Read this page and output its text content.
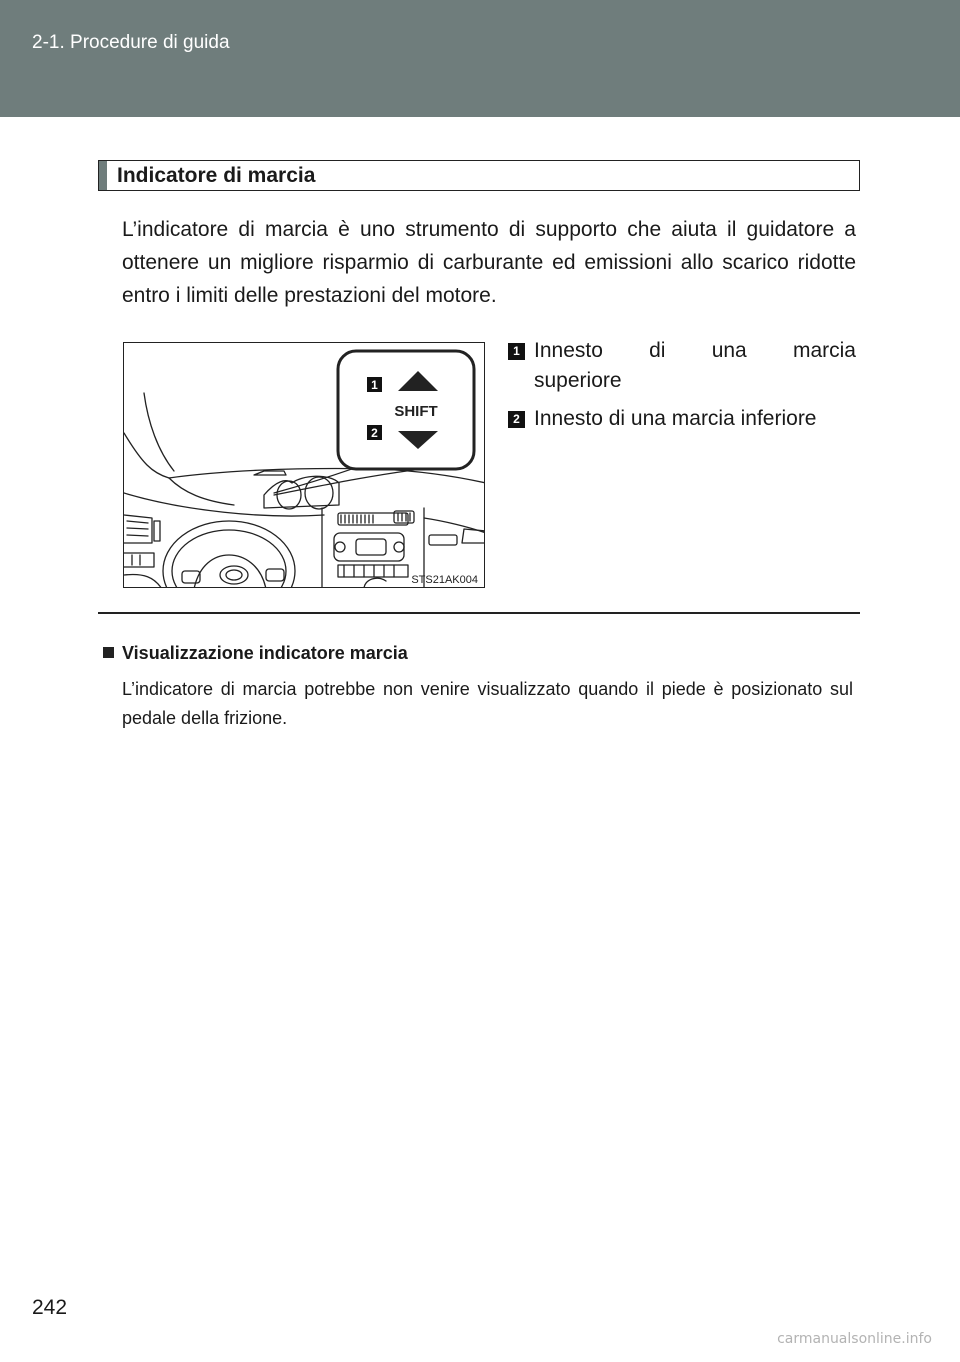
2-1. Procedure di guida
Indicatore di marcia

L’indicatore di marcia è uno strumento di supporto che aiuta il guidatore a ottenere un migliore risparmio di carburante ed emissioni allo scarico ridotte entro i limiti delle prestazioni del motore.

1
2
SHIFT
STS21AK004
1 Innesto di una marcia
superiore
2 Innesto di una marcia inferiore
Visualizzazione indicatore marcia

L’indicatore di marcia potrebbe non venire visualizzato quando il piede è posizionato sul pedale della frizione.

242
carmanualsonline.info
